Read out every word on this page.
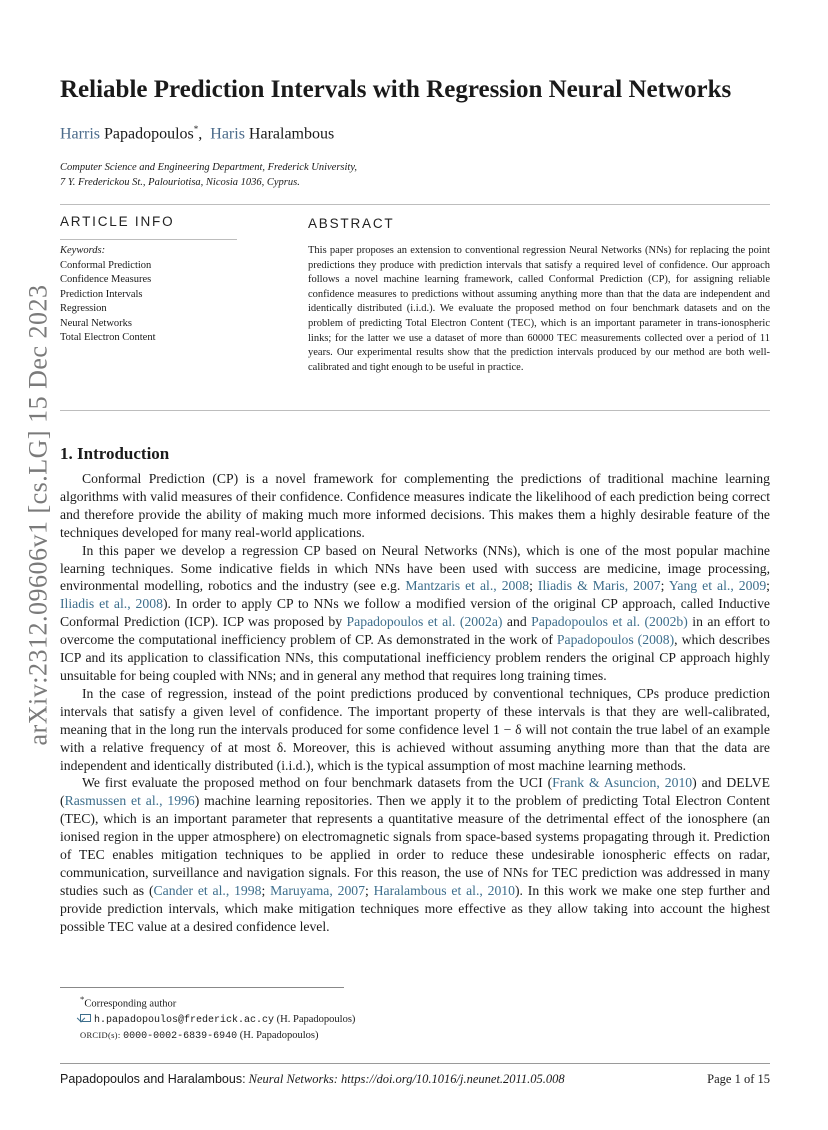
arXiv:2312.09606v1 [cs.LG] 15 Dec 2023
Reliable Prediction Intervals with Regression Neural Networks
Harris Papadopoulos*,  Haris Haralambous
Computer Science and Engineering Department, Frederick University,
7 Y. Frederickou St., Palouriotisa, Nicosia 1036, Cyprus.
ARTICLE INFO	ABSTRACT
Keywords:
Conformal Prediction
Confidence Measures
Prediction Intervals
Regression
Neural Networks
Total Electron Content
This paper proposes an extension to conventional regression Neural Networks (NNs) for replacing the point predictions they produce with prediction intervals that satisfy a required level of confidence. Our approach follows a novel machine learning framework, called Conformal Prediction (CP), for assigning reliable confidence measures to predictions without assuming anything more than that the data are independent and identically distributed (i.i.d.). We evaluate the proposed method on four benchmark datasets and on the problem of predicting Total Electron Content (TEC), which is an important parameter in trans-ionospheric links; for the latter we use a dataset of more than 60000 TEC measurements collected over a period of 11 years. Our experimental results show that the prediction intervals produced by our method are both well-calibrated and tight enough to be useful in practice.
1. Introduction

Conformal Prediction (CP) is a novel framework for complementing the predictions of traditional machine learning algorithms with valid measures of their confidence. Confidence measures indicate the likelihood of each prediction being correct and therefore provide the ability of making much more informed decisions. This makes them a highly desirable feature of the techniques developed for many real-world applications.

In this paper we develop a regression CP based on Neural Networks (NNs), which is one of the most popular machine learning techniques. Some indicative fields in which NNs have been used with success are medicine, image processing, environmental modelling, robotics and the industry (see e.g. Mantzaris et al., 2008; Iliadis & Maris, 2007; Yang et al., 2009; Iliadis et al., 2008). In order to apply CP to NNs we follow a modified version of the original CP approach, called Inductive Conformal Prediction (ICP). ICP was proposed by Papadopoulos et al. (2002a) and Papadopoulos et al. (2002b) in an effort to overcome the computational inefficiency problem of CP. As demonstrated in the work of Papadopoulos (2008), which describes ICP and its application to classification NNs, this computational inefficiency problem renders the original CP approach highly unsuitable for being coupled with NNs; and in general any method that requires long training times.

In the case of regression, instead of the point predictions produced by conventional techniques, CPs produce prediction intervals that satisfy a given level of confidence. The important property of these intervals is that they are well-calibrated, meaning that in the long run the intervals produced for some confidence level 1 − δ will not contain the true label of an example with a relative frequency of at most δ. Moreover, this is achieved without assuming anything more than that the data are independent and identically distributed (i.i.d.), which is the typical assumption of most machine learning methods.

We first evaluate the proposed method on four benchmark datasets from the UCI (Frank & Asuncion, 2010) and DELVE (Rasmussen et al., 1996) machine learning repositories. Then we apply it to the problem of predicting Total Electron Content (TEC), which is an important parameter that represents a quantitative measure of the detrimental effect of the ionosphere (an ionised region in the upper atmosphere) on electromagnetic signals from space-based systems propagating through it. Prediction of TEC enables mitigation techniques to be applied in order to reduce these undesirable ionospheric effects on radar, communication, surveillance and navigation signals. For this reason, the use of NNs for TEC prediction was addressed in many studies such as (Cander et al., 1998; Maruyama, 2007; Haralambous et al., 2010). In this work we make one step further and provide prediction intervals, which make mitigation techniques more effective as they allow taking into account the highest possible TEC value at a desired confidence level.

*Corresponding author
h.papadopoulos@frederick.ac.cy (H. Papadopoulos)
ORCID(s): 0000-0002-6839-6940 (H. Papadopoulos)
Papadopoulos and Haralambous: Neural Networks: https://doi.org/10.1016/j.neunet.2011.05.008	Page 1 of 15
